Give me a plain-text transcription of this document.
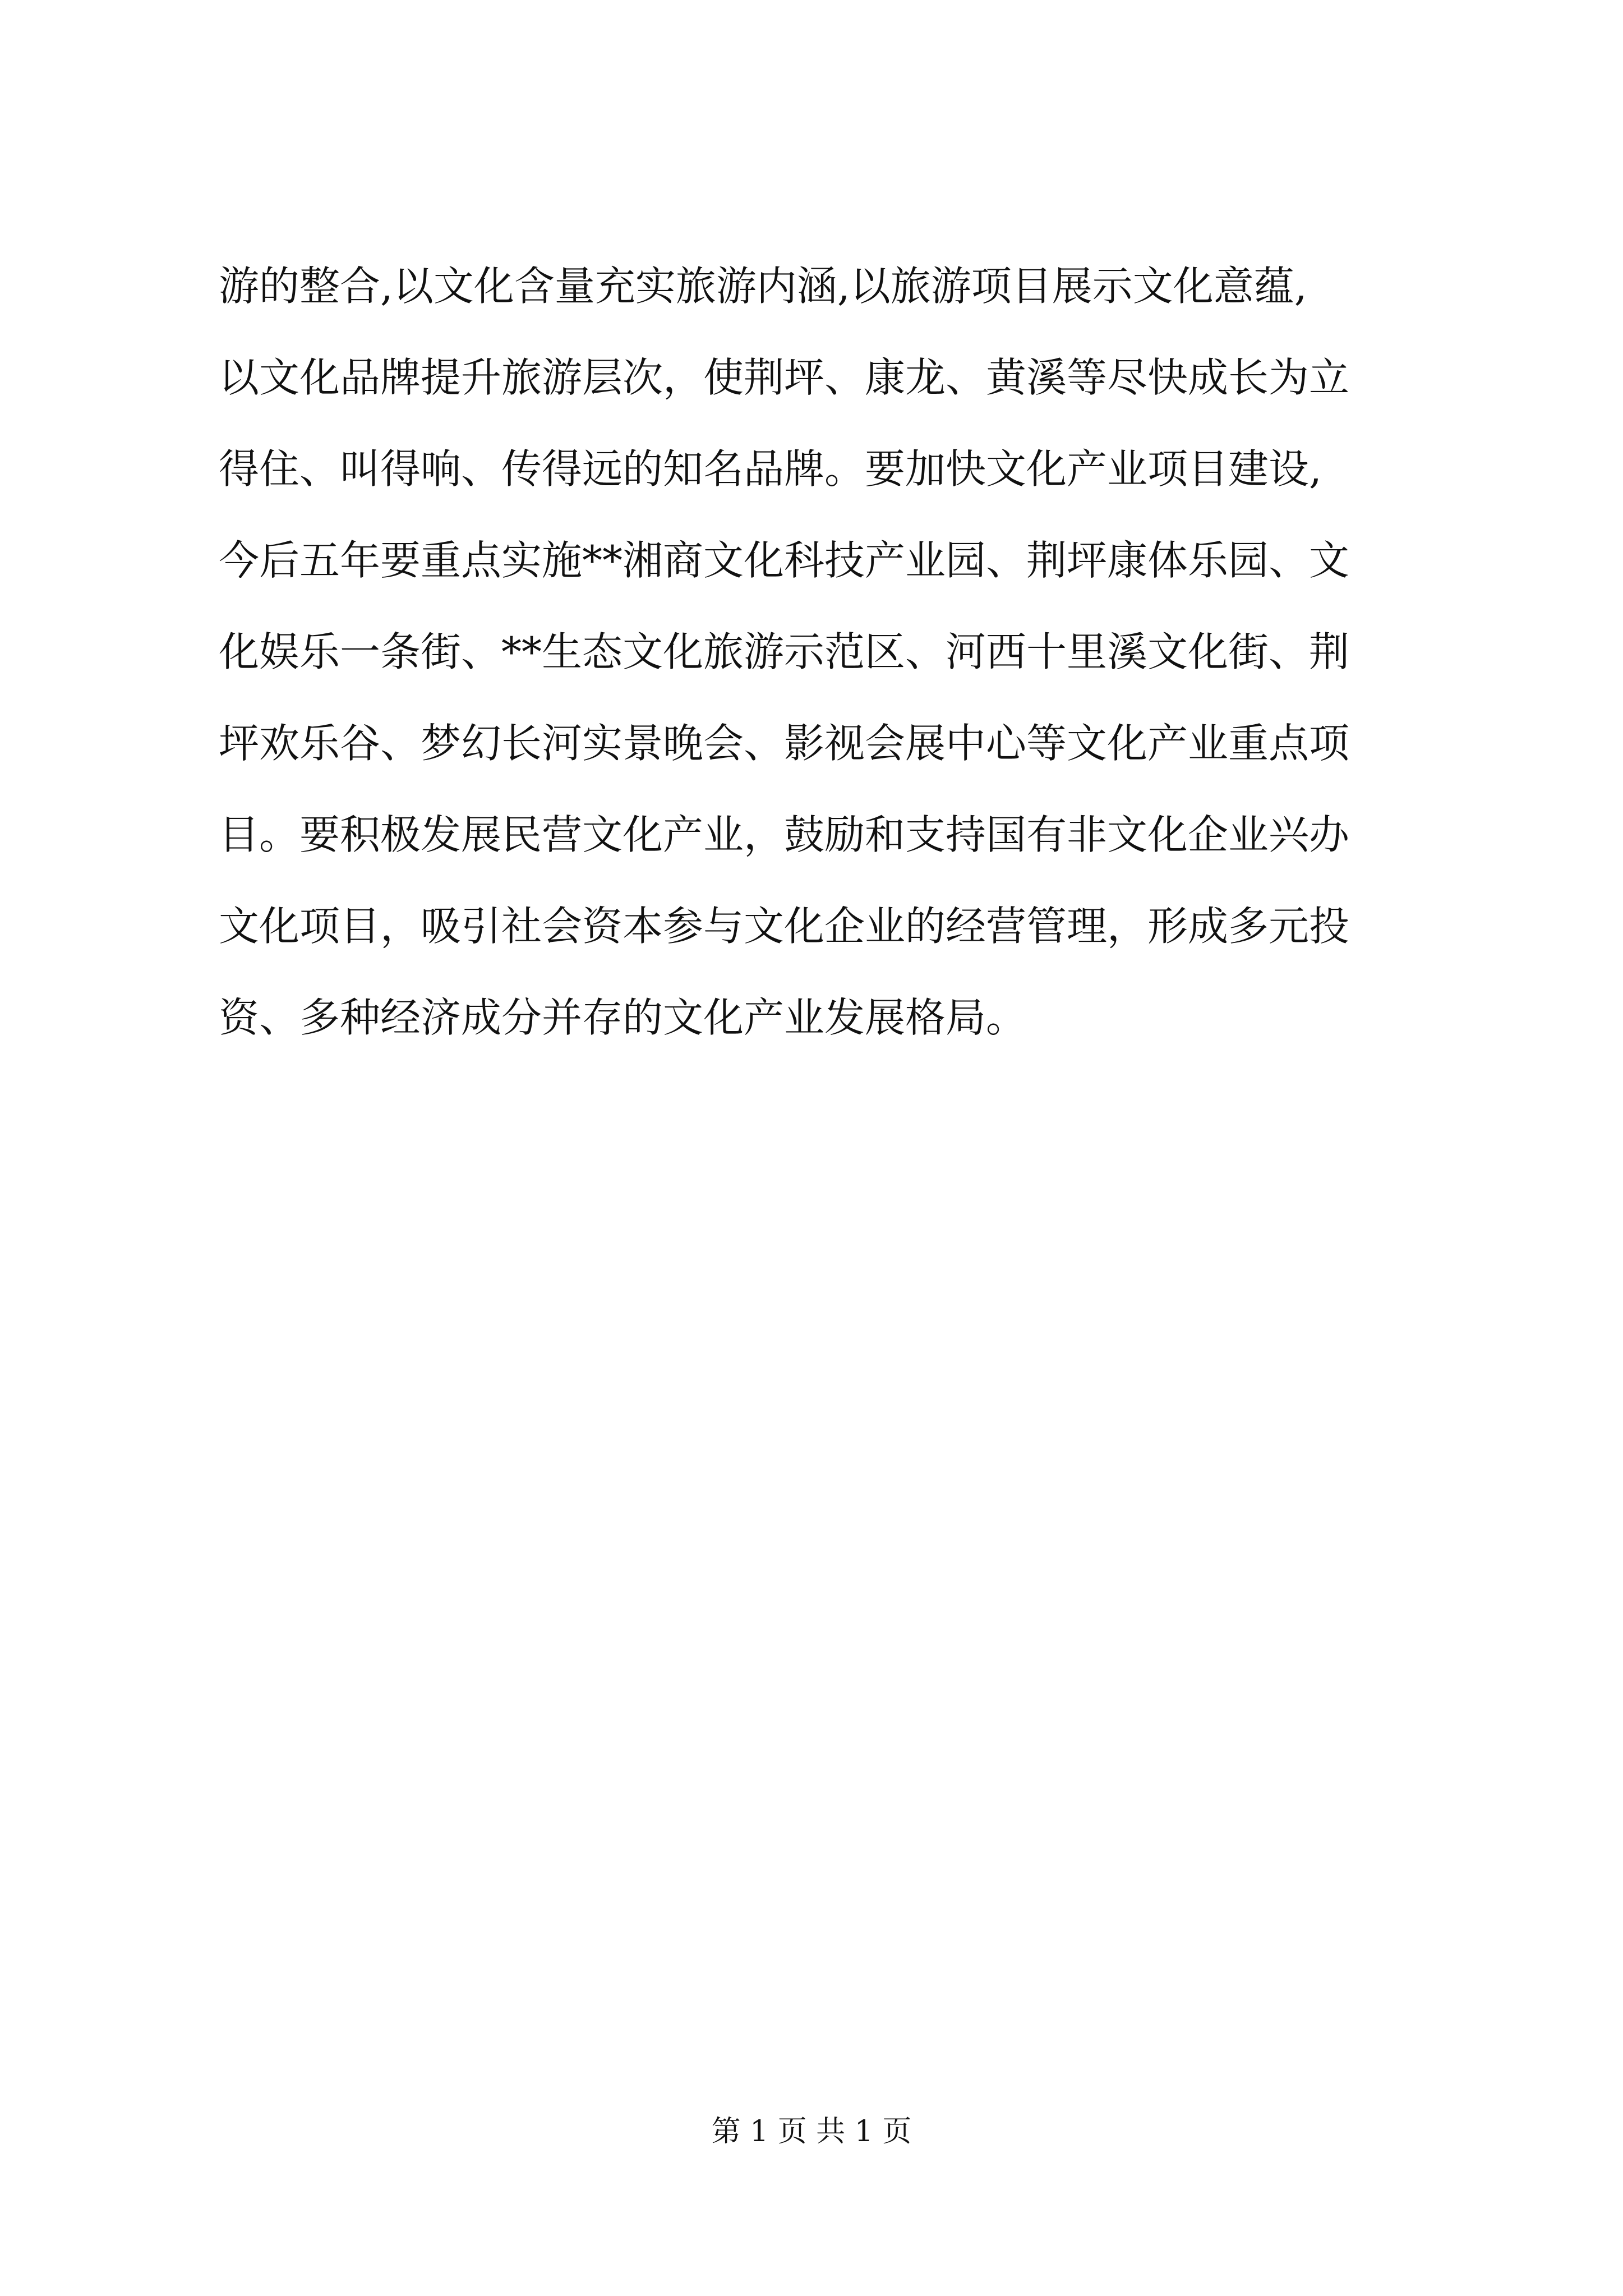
游的整合,以文化含量充实旅游内涵,以旅游项目展示文化意蕴,
以文化品牌提升旅游层次，使荆坪、康龙、黄溪等尽快成长为立
得住、叫得响、传得远的知名品牌。要加快文化产业项目建设,
今后五年要重点实施**湘商文化科技产业园、荆坪康体乐园、文
化娱乐一条街、**生态文化旅游示范区、河西十里溪文化街、荆
坪欢乐谷、梦幻长河实景晚会、影视会展中心等文化产业重点项
目。要积极发展民营文化产业，鼓励和支持国有非文化企业兴办
文化项目，吸引社会资本参与文化企业的经营管理，形成多元投
资、多种经济成分并存的文化产业发展格局。
第 1 页 共 1 页
